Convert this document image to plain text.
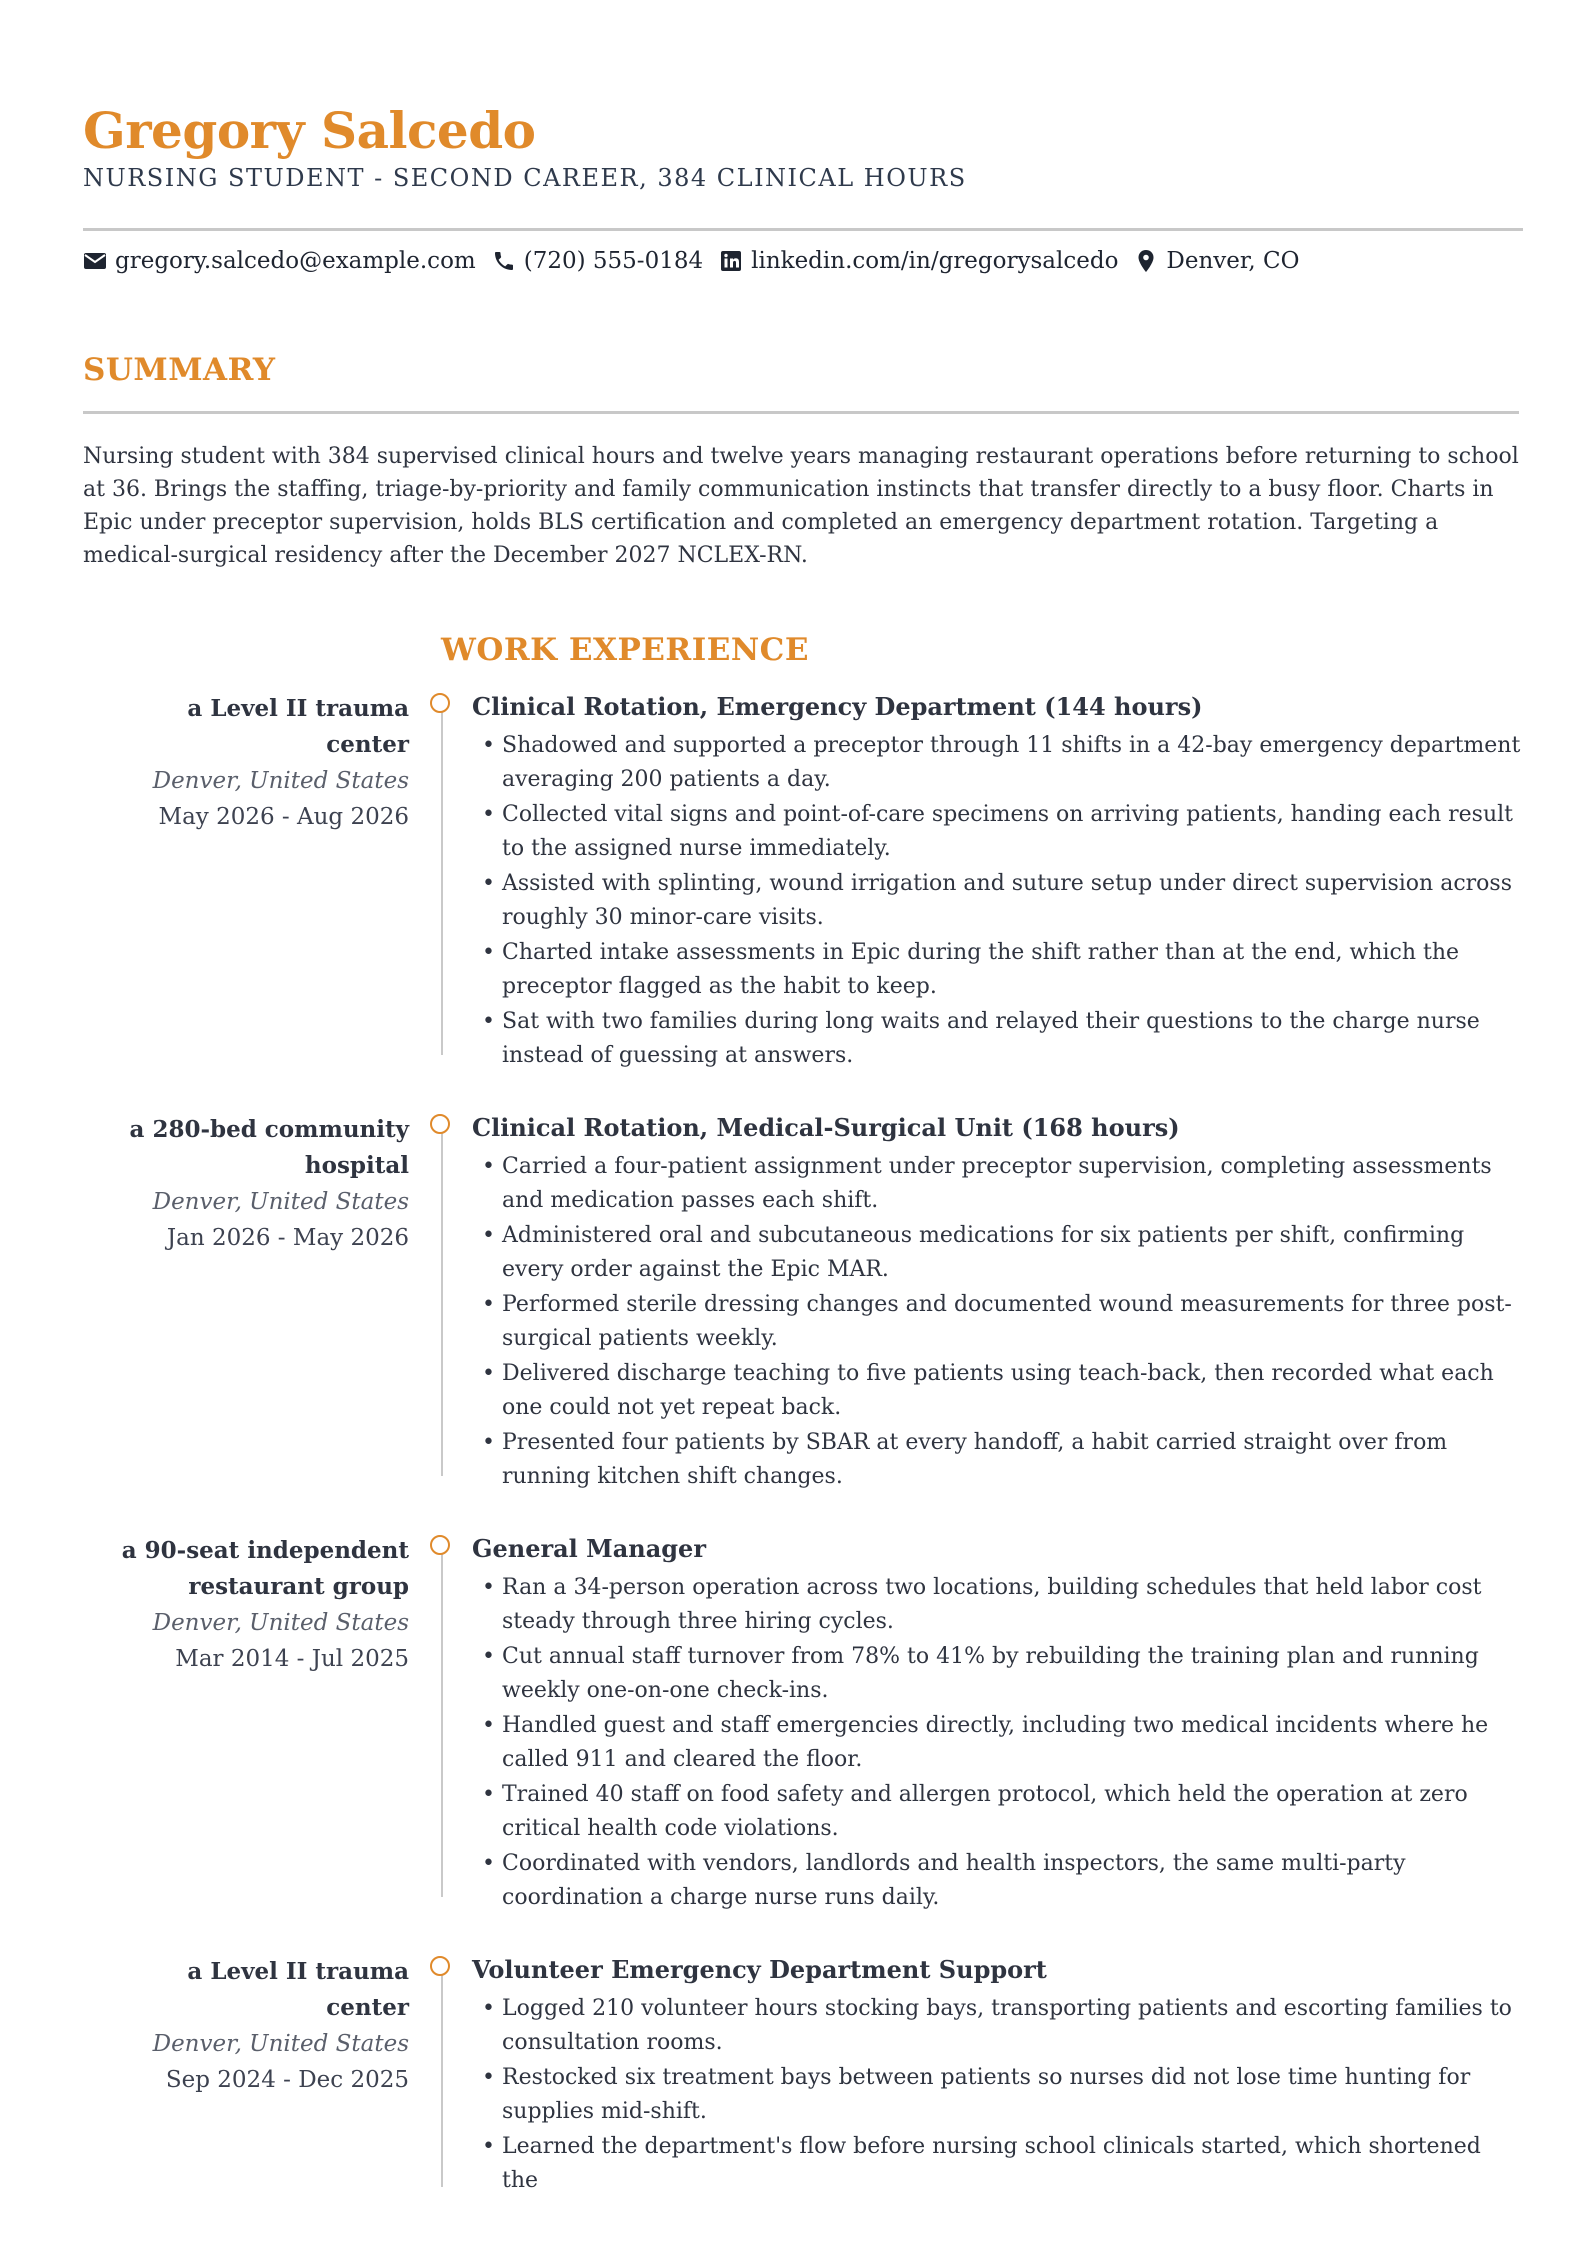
Gregory Salcedo
NURSING STUDENT - SECOND CAREER, 384 CLINICAL HOURS
gregory.salcedo@example.com (720) 555-0184 linkedin.com/in/gregorysalcedo Denver, CO
SUMMARY

Nursing student with 384 supervised clinical hours and twelve years managing restaurant operations before returning to school at 36. Brings the staffing, triage-by-priority and family communication instincts that transfer directly to a busy floor. Charts in Epic under preceptor supervision, holds BLS certification and completed an emergency department rotation. Targeting a medical-surgical residency after the December 2027 NCLEX-RN.

WORK EXPERIENCE
a Level II trauma center
Denver, United States
May 2026 - Aug 2026
Clinical Rotation, Emergency Department (144 hours)
• Shadowed and supported a preceptor through 11 shifts in a 42-bay emergency department averaging 200 patients a day.
• Collected vital signs and point-of-care specimens on arriving patients, handing each result to the assigned nurse immediately.
• Assisted with splinting, wound irrigation and suture setup under direct supervision across roughly 30 minor-care visits.
• Charted intake assessments in Epic during the shift rather than at the end, which the preceptor flagged as the habit to keep.
• Sat with two families during long waits and relayed their questions to the charge nurse instead of guessing at answers.
a 280-bed community hospital
Denver, United States
Jan 2026 - May 2026
Clinical Rotation, Medical-Surgical Unit (168 hours)
• Carried a four-patient assignment under preceptor supervision, completing assessments and medication passes each shift.
• Administered oral and subcutaneous medications for six patients per shift, confirming every order against the Epic MAR.
• Performed sterile dressing changes and documented wound measurements for three post-surgical patients weekly.
• Delivered discharge teaching to five patients using teach-back, then recorded what each one could not yet repeat back.
• Presented four patients by SBAR at every handoff, a habit carried straight over from running kitchen shift changes.
a 90-seat independent restaurant group
Denver, United States
Mar 2014 - Jul 2025
General Manager
• Ran a 34-person operation across two locations, building schedules that held labor cost steady through three hiring cycles.
• Cut annual staff turnover from 78% to 41% by rebuilding the training plan and running weekly one-on-one check-ins.
• Handled guest and staff emergencies directly, including two medical incidents where he called 911 and cleared the floor.
• Trained 40 staff on food safety and allergen protocol, which held the operation at zero critical health code violations.
• Coordinated with vendors, landlords and health inspectors, the same multi-party coordination a charge nurse runs daily.
a Level II trauma center
Denver, United States
Sep 2024 - Dec 2025
Volunteer Emergency Department Support
• Logged 210 volunteer hours stocking bays, transporting patients and escorting families to consultation rooms.
• Restocked six treatment bays between patients so nurses did not lose time hunting for supplies mid-shift.
• Learned the department's flow before nursing school clinicals started, which shortened the
